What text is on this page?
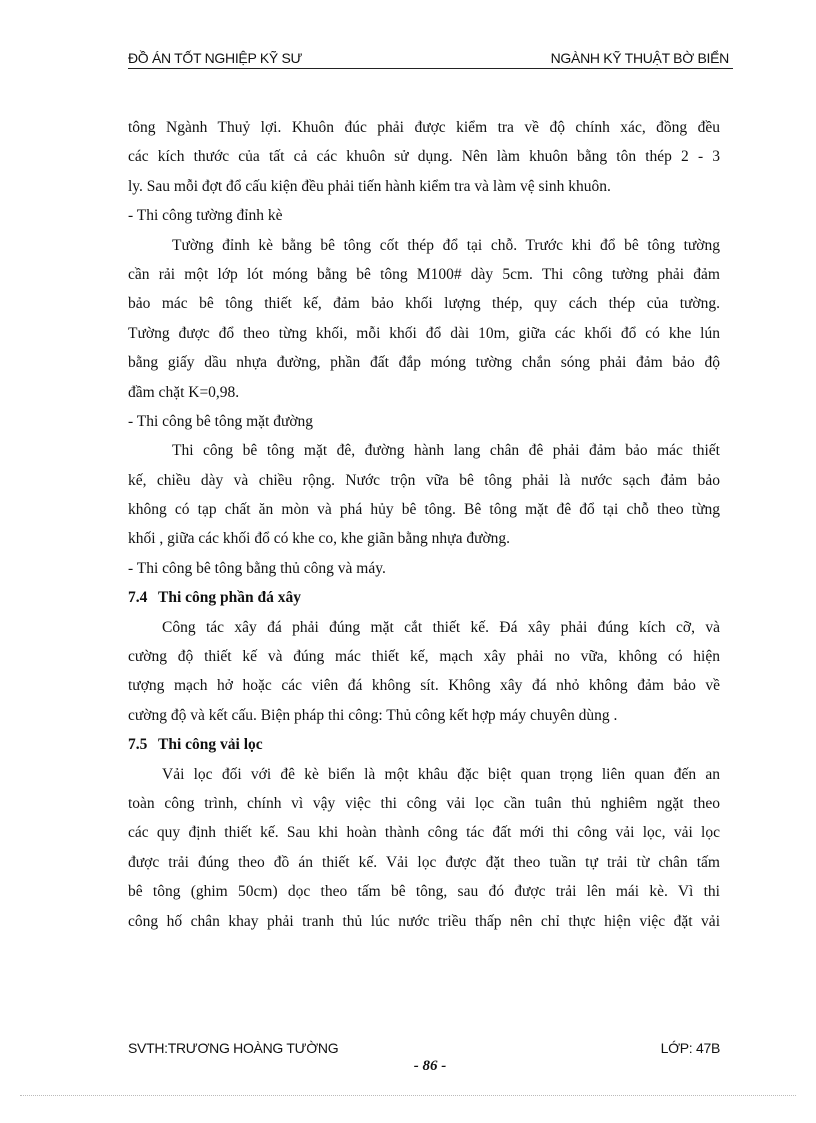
ĐỒ ÁN TỐT NGHIỆP KỸ SƯ	NGÀNH KỸ THUẬT BỜ BIỂN
tông Ngành Thuỷ lợi. Khuôn đúc phải được kiểm tra về độ chính xác, đồng đều
các kích thước của tất cả các khuôn sử dụng. Nên làm khuôn bằng tôn thép 2 - 3
ly. Sau mỗi đợt đổ cấu kiện đều phải tiến hành kiểm tra và làm vệ sinh khuôn.
- Thi công tường đỉnh kè
Tường đỉnh kè bằng bê tông cốt thép đổ tại chỗ. Trước khi đổ bê tông tường
cần rải một lớp lót móng bằng bê tông M100# dày 5cm. Thi công tường phải đảm
bảo mác bê tông thiết kế, đảm bảo khối lượng thép, quy cách thép của tường.
Tường được đổ theo từng khối, mỗi khối đổ dài 10m, giữa các khối đổ có khe lún
bằng giấy dầu nhựa đường, phần đất đắp móng tường chắn sóng phải đảm bảo độ
đầm chặt K=0,98.
- Thi công bê tông mặt đường
Thi công bê tông mặt đê, đường hành lang chân đê phải đảm bảo mác thiết
kế, chiều dày và chiều rộng. Nước trộn vữa bê tông phải là nước sạch đảm bảo
không có tạp chất ăn mòn và phá hủy bê tông. Bê tông mặt đê đổ tại chỗ theo từng
khối , giữa các khối đổ có khe co, khe giãn bằng nhựa đường.
- Thi công bê tông bằng thủ công và máy.
7.4 Thi công phần đá xây
Công tác xây đá phải đúng mặt cắt thiết kế. Đá xây phải đúng kích cỡ, và
cường độ thiết kế và đúng mác thiết kế, mạch xây phải no vữa, không có hiện
tượng mạch hở hoặc các viên đá không sít. Không xây đá nhỏ không đảm bảo về
cường độ và kết cấu. Biện pháp thi công: Thủ công kết hợp máy chuyên dùng .
7.5 Thi công vải lọc
Vải lọc đối với đê kè biển là một khâu đặc biệt quan trọng liên quan đến an
toàn công trình, chính vì vậy việc thi công vải lọc cần tuân thủ nghiêm ngặt theo
các quy định thiết kế. Sau khi hoàn thành công tác đất mới thi công vải lọc, vải lọc
được trải đúng theo đồ án thiết kế. Vải lọc được đặt theo tuần tự trải từ chân tấm
bê tông (ghim 50cm) dọc theo tấm bê tông, sau đó được trải lên mái kè. Vì thi
công hố chân khay phải tranh thủ lúc nước triều thấp nên chỉ thực hiện việc đặt vải
SVTH:TRƯƠNG HOÀNG TƯỜNG	LỚP: 47B
- 86 -
